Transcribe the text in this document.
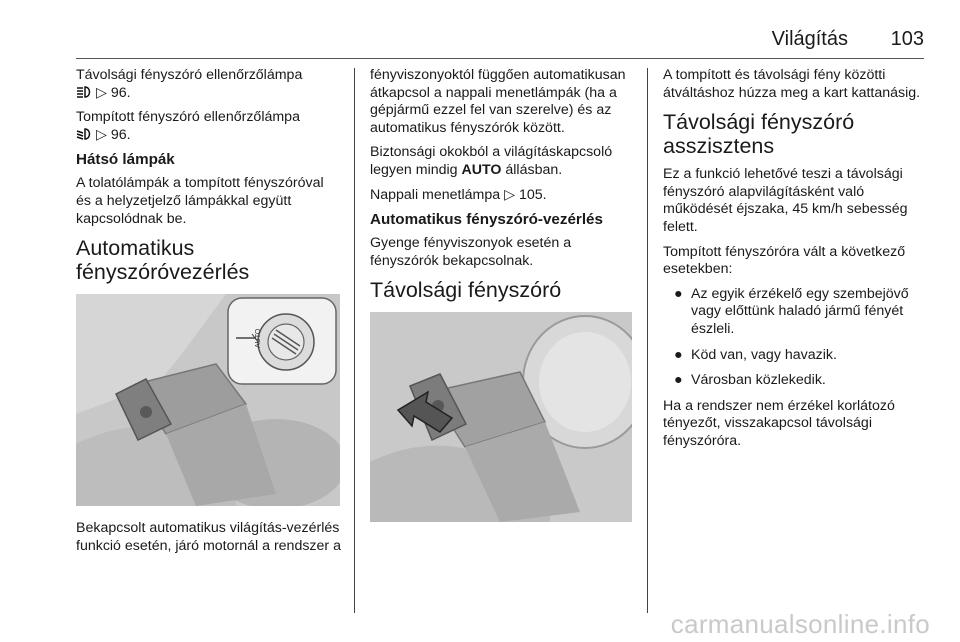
Világítás 103

Távolsági fényszóró ellenőrzőlámpa
▷ 96.

Tompított fényszóró ellenőrzőlámpa
▷ 96.

Hátsó lámpák

A tolatólámpák a tompított fényszóróval és a helyzetjelző lámpákkal együtt kapcsolódnak be.

Automatikus
fényszóróvezérlés
AUTO

Bekapcsolt automatikus világítás-vezérlés funkció esetén, járó motornál a rendszer a

fényviszonyoktól függően automatikusan átkapcsol a nappali menetlámpák (ha a gépjármű ezzel fel van szerelve) és az automatikus fényszórók között.

Biztonsági okokból a világításkapcsoló legyen mindig AUTO állásban.

Nappali menetlámpa ▷ 105.

Automatikus fényszóró-vezérlés

Gyenge fényviszonyok esetén a fényszórók bekapcsolnak.

Távolsági fényszóró

A tompított és távolsági fény közötti átváltáshoz húzza meg a kart kattanásig.

Távolsági fényszóró
asszisztens

Ez a funkció lehetővé teszi a távolsági fényszóró alapvilágításként való működését éjszaka, 45 km/h sebesség felett.

Tompított fényszóróra vált a következő esetekben:

● Az egyik érzékelő egy szembejövő vagy előttünk haladó jármű fényét észleli.
● Köd van, vagy havazik.
● Városban közlekedik.

Ha a rendszer nem érzékel korlátozó tényezőt, visszakapcsol távolsági fényszóróra.

carmanualsonline.info
